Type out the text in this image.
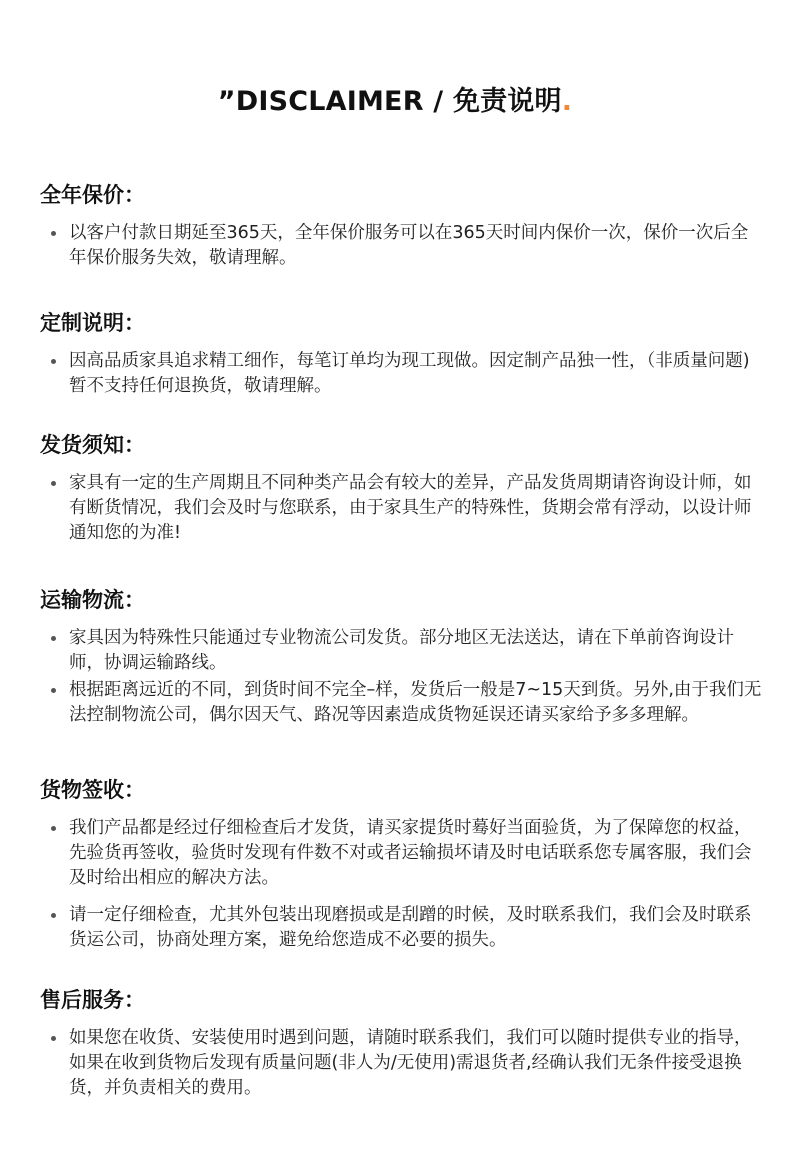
”DISCLAIMER / 免责说明.
全年保价：
以客户付款日期延至365天，全年保价服务可以在365天时间内保价一次，保价一次后全年保价服务失效，敬请理解。
定制说明：
因高品质家具追求精工细作，每笔订单均为现工现做。因定制产品独一性，（非质量问题)暂不支持任何退换货，敬请理解。
发货须知：
家具有一定的生产周期且不同种类产品会有较大的差异，产品发货周期请咨询设计师，如有断货情况，我们会及时与您联系，由于家具生产的特殊性，货期会常有浮动，以设计师通知您的为准!
运输物流：
家具因为特殊性只能通过专业物流公司发货。部分地区无法送达，请在下单前咨询设计师，协调运输路线。
根据距离远近的不同，到货时间不完全–样，发货后一般是7~15天到货。另外,由于我们无法控制物流公司，偶尔因天气、路况等因素造成货物延误还请买家给予多多理解。
货物签收：
我们产品都是经过仔细检查后才发货，请买家提货时蓦好当面验货，为了保障您的权益，先验货再签收，验货时发现有件数不对或者运输损坏请及时电话联系您专属客服，我们会及时给出相应的解决方法。
请一定仔细检查，尤其外包装出现磨损或是刮蹭的时候，及时联系我们，我们会及时联系货运公司，协商处理方案，避免给您造成不必要的损失。
售后服务：
如果您在收货、安装使用时遇到问题，请随时联系我们，我们可以随时提供专业的指导，如果在收到货物后发现有质量问题(非人为/无使用)需退货者,经确认我们无条件接受退换货，并负责相关的费用。
